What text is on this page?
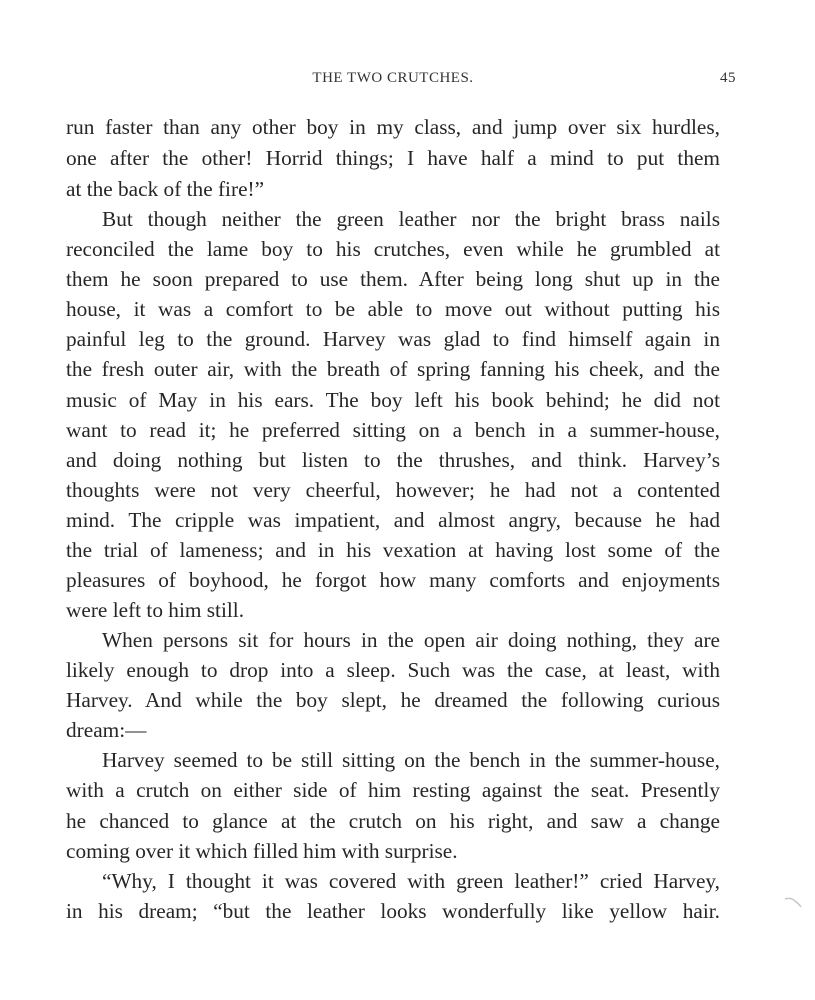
THE TWO CRUTCHES.	45
run faster than any other boy in my class, and jump over six hurdles,
one after the other! Horrid things; I have half a mind to put them
at the back of the fire!”
But though neither the green leather nor the bright brass nails
reconciled the lame boy to his crutches, even while he grumbled at
them he soon prepared to use them. After being long shut up in the
house, it was a comfort to be able to move out without putting his
painful leg to the ground. Harvey was glad to find himself again in
the fresh outer air, with the breath of spring fanning his cheek, and the
music of May in his ears. The boy left his book behind; he did not
want to read it; he preferred sitting on a bench in a summer-house,
and doing nothing but listen to the thrushes, and think. Harvey’s
thoughts were not very cheerful, however; he had not a contented
mind. The cripple was impatient, and almost angry, because he had
the trial of lameness; and in his vexation at having lost some of the
pleasures of boyhood, he forgot how many comforts and enjoyments
were left to him still.
When persons sit for hours in the open air doing nothing, they are
likely enough to drop into a sleep. Such was the case, at least, with
Harvey. And while the boy slept, he dreamed the following curious
dream:—
Harvey seemed to be still sitting on the bench in the summer-house,
with a crutch on either side of him resting against the seat. Presently
he chanced to glance at the crutch on his right, and saw a change
coming over it which filled him with surprise.
“Why, I thought it was covered with green leather!” cried Harvey,
in his dream; “but the leather looks wonderfully like yellow hair.
